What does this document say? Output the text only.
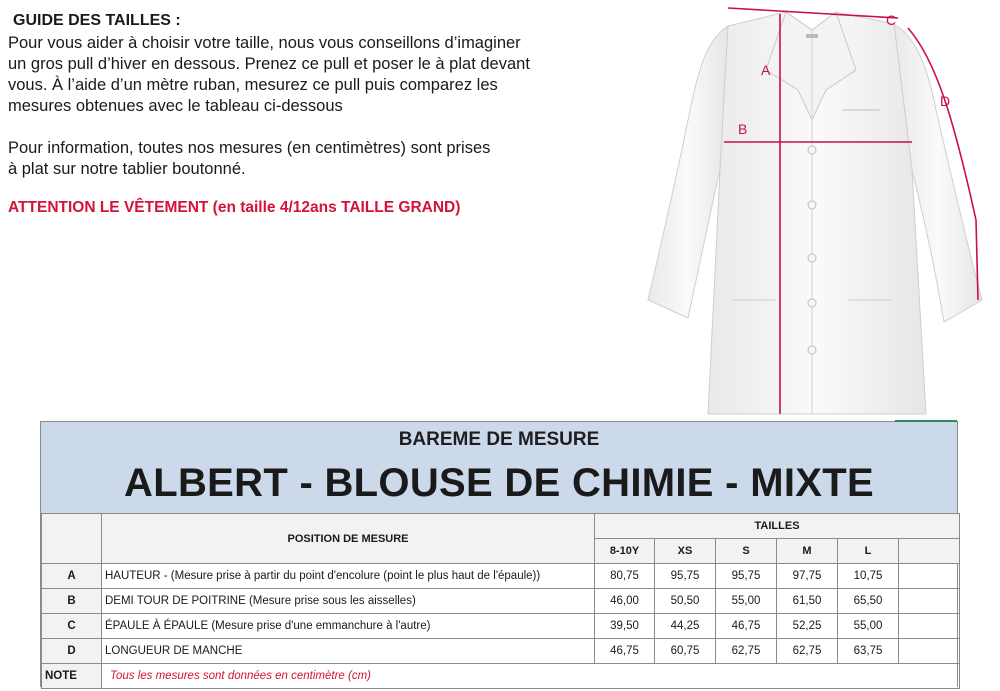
GUIDE DES TAILLES :

Pour vous aider à choisir votre taille, nous vous conseillons d’imaginer
un gros pull d’hiver en dessous. Prenez ce pull et poser le à plat devant
vous. À l’aide d’un mètre ruban, mesurez ce pull puis comparez les
mesures obtenues avec le tableau ci-dessous

Pour information, toutes nos mesures (en centimètres) sont prises
à plat sur notre tablier boutonné.

ATTENTION LE VÊTEMENT (en taille 4/12ans TAILLE GRAND)
C
D
A
B
BAREME DE MESURE
ALBERT - BLOUSE DE CHIMIE - MIXTE
	POSITION DE MESURE	TAILLES					
		8-10Y	XS	S	M	L	
A	HAUTEUR - (Mesure prise à partir du point d'encolure (point le plus haut de l'épaule))	80,75	95,75	95,75	97,75	10,75	
B	DEMI TOUR DE POITRINE (Mesure prise sous les aisselles)	46,00	50,50	55,00	61,50	65,50	
C	ÉPAULE À ÉPAULE (Mesure prise d'une emmanchure à l'autre)	39,50	44,25	46,75	52,25	55,00	
D	LONGUEUR DE MANCHE	46,75	60,75	62,75	62,75	63,75	
NOTE	Tous les mesures sont données en centimètre (cm)						
